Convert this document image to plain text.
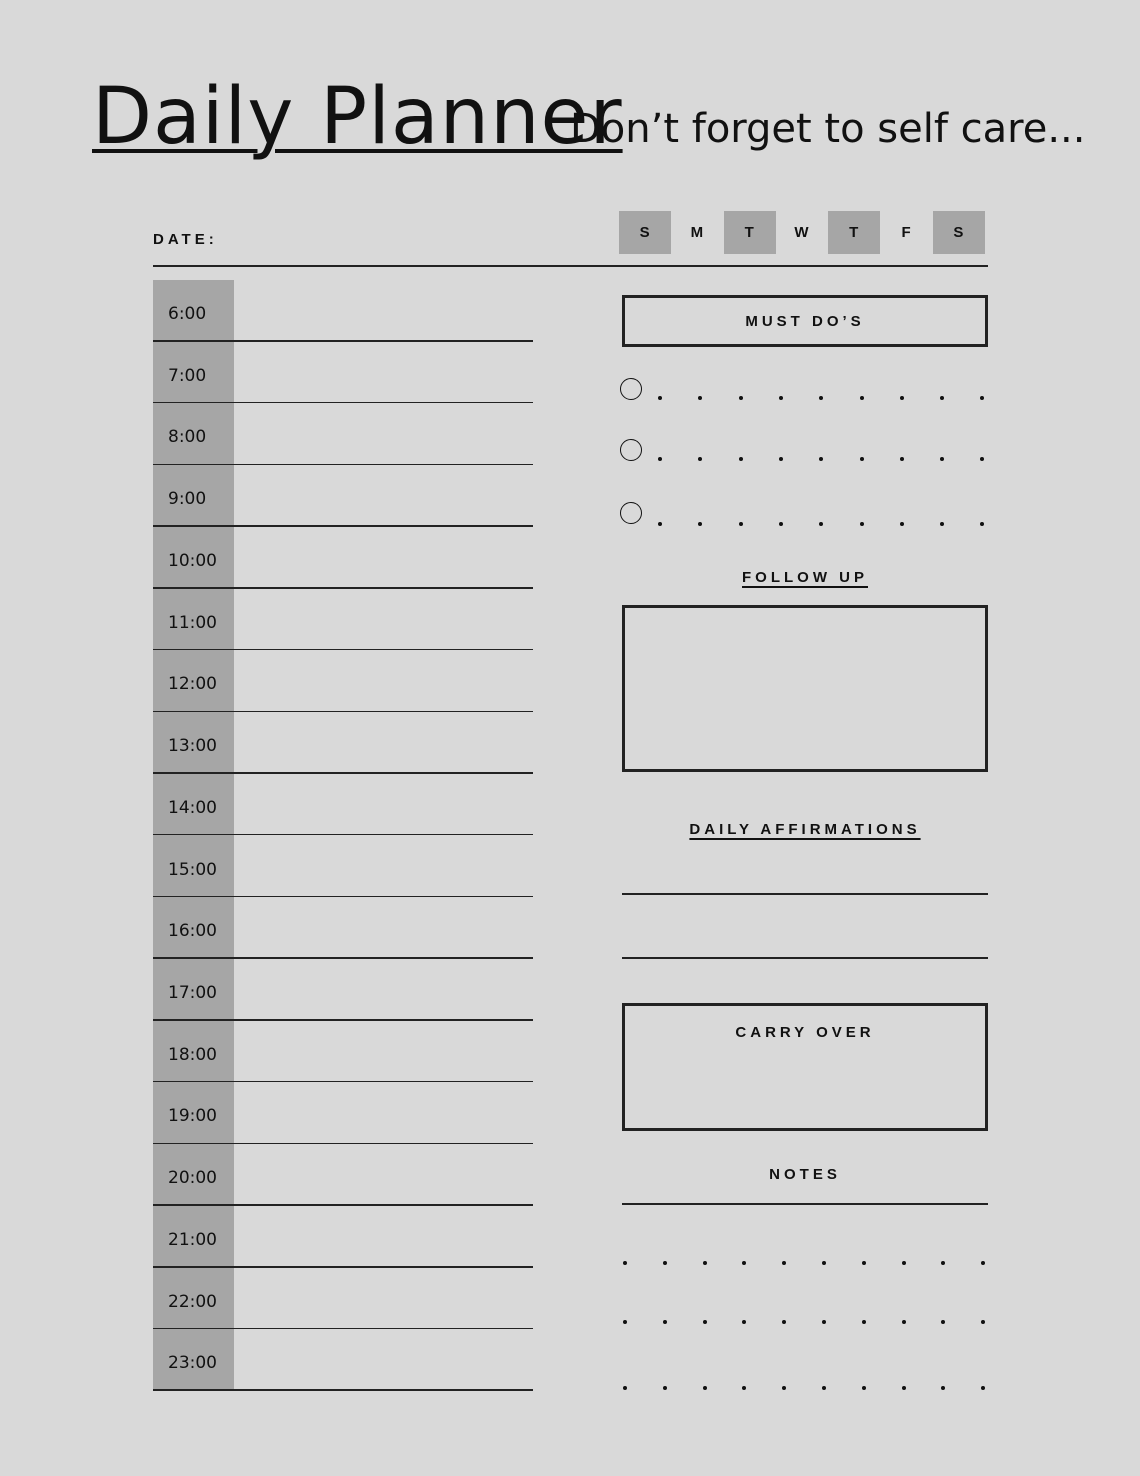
Daily Planner
Don’t forget to self care...
DATE:	S	M	T	W	T	F	S
6:00
7:00
8:00
9:00
10:00
11:00
12:00
13:00
14:00
15:00
16:00
17:00
18:00
19:00
20:00
21:00
22:00
23:00
MUST DO’S
FOLLOW UP
DAILY AFFIRMATIONS
CARRY OVER
NOTES
